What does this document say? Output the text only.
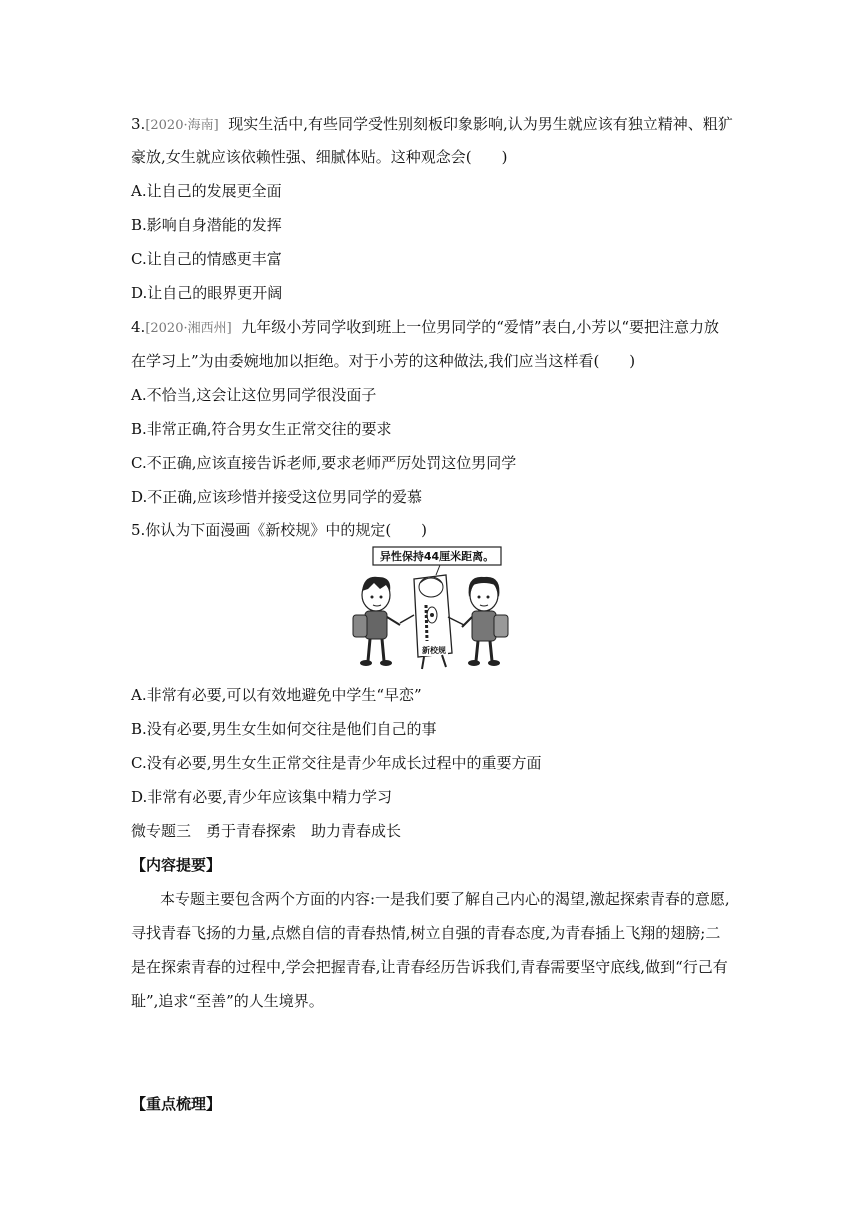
3.[2020·海南] 现实生活中,有些同学受性别刻板印象影响,认为男生就应该有独立精神、粗犷
豪放,女生就应该依赖性强、细腻体贴。这种观念会( )
A.让自己的发展更全面
B.影响自身潜能的发挥
C.让自己的情感更丰富
D.让自己的眼界更开阔
4.[2020·湘西州] 九年级小芳同学收到班上一位男同学的“爱情”表白,小芳以“要把注意力放
在学习上”为由委婉地加以拒绝。对于小芳的这种做法,我们应当这样看( )
A.不恰当,这会让这位男同学很没面子
B.非常正确,符合男女生正常交往的要求
C.不正确,应该直接告诉老师,要求老师严厉处罚这位男同学
D.不正确,应该珍惜并接受这位男同学的爱慕
5.你认为下面漫画《新校规》中的规定( )
异性保持44厘米距离。
新校规
A.非常有必要,可以有效地避免中学生“早恋”
B.没有必要,男生女生如何交往是他们自己的事
C.没有必要,男生女生正常交往是青少年成长过程中的重要方面
D.非常有必要,青少年应该集中精力学习
微专题三　勇于青春探索　助力青春成长
【内容提要】
本专题主要包含两个方面的内容:一是我们要了解自己内心的渴望,激起探索青春的意愿,
寻找青春飞扬的力量,点燃自信的青春热情,树立自强的青春态度,为青春插上飞翔的翅膀;二
是在探索青春的过程中,学会把握青春,让青春经历告诉我们,青春需要坚守底线,做到“行己有
耻”,追求“至善”的人生境界。
【重点梳理】
